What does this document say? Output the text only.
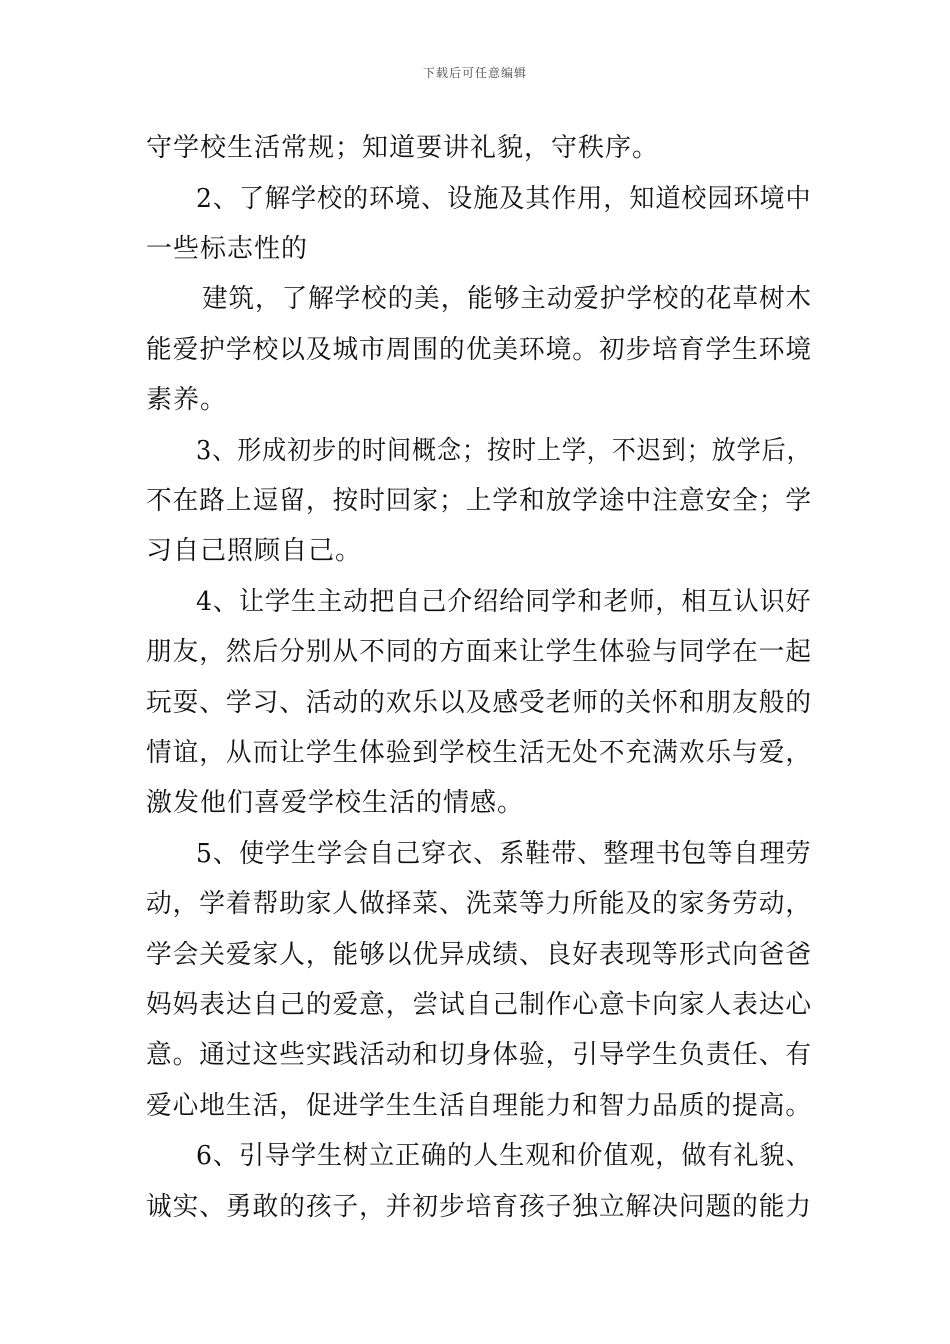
下载后可任意编辑
守学校生活常规；知道要讲礼貌，守秩序。
2、了解学校的环境、设施及其作用，知道校园环境中
一些标志性的
建筑，了解学校的美，能够主动爱护学校的花草树木
能爱护学校以及城市周围的优美环境。初步培育学生环境
素养。
3、形成初步的时间概念；按时上学，不迟到；放学后，
不在路上逗留，按时回家；上学和放学途中注意安全；学
习自己照顾自己。
4、让学生主动把自己介绍给同学和老师，相互认识好
朋友，然后分别从不同的方面来让学生体验与同学在一起
玩耍、学习、活动的欢乐以及感受老师的关怀和朋友般的
情谊，从而让学生体验到学校生活无处不充满欢乐与爱，
激发他们喜爱学校生活的情感。
5、使学生学会自己穿衣、系鞋带、整理书包等自理劳
动，学着帮助家人做择菜、洗菜等力所能及的家务劳动，
学会关爱家人，能够以优异成绩、良好表现等形式向爸爸
妈妈表达自己的爱意，尝试自己制作心意卡向家人表达心
意。通过这些实践活动和切身体验，引导学生负责任、有
爱心地生活，促进学生生活自理能力和智力品质的提高。
6、引导学生树立正确的人生观和价值观，做有礼貌、
诚实、勇敢的孩子，并初步培育孩子独立解决问题的能力
